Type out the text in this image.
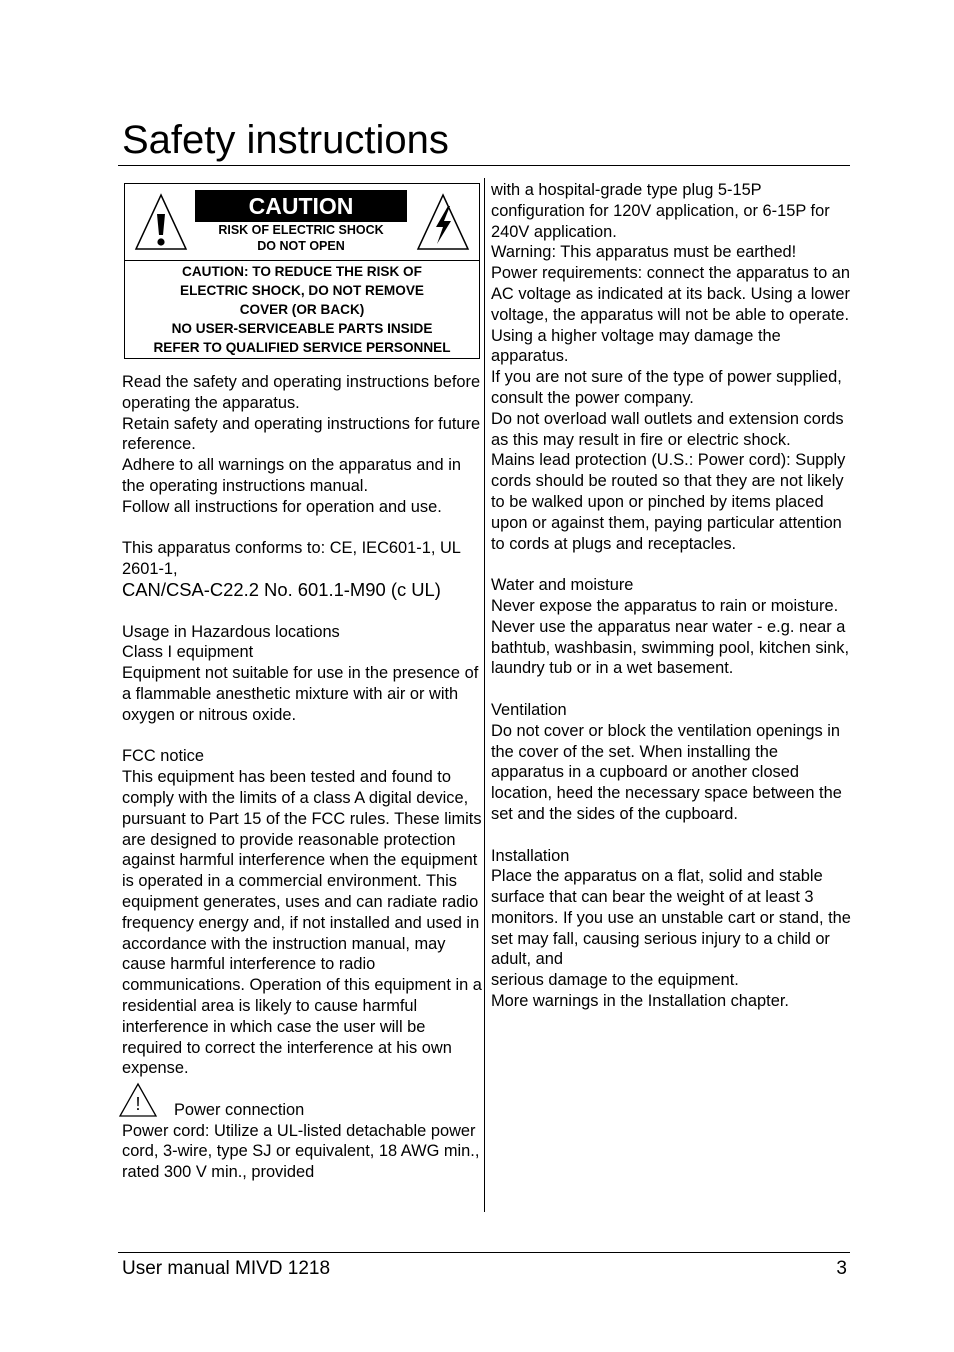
Safety instructions
CAUTION
RISK OF ELECTRIC SHOCK
DO NOT OPEN
CAUTION: TO REDUCE THE RISK OF
ELECTRIC SHOCK, DO NOT REMOVE
COVER (OR BACK)
NO USER-SERVICEABLE PARTS INSIDE
REFER TO QUALIFIED SERVICE PERSONNEL

Read the safety and operating instructions before operating the apparatus.

Retain safety and operating instructions for future reference.

Adhere to all warnings on the apparatus and in the operating instructions manual.

Follow all instructions for operation and use.

This apparatus conforms to: CE, IEC601-1, UL 2601-1,

CAN/CSA-C22.2 No. 601.1-M90 (c UL)

Usage in Hazardous locations

Class I equipment

Equipment not suitable for use in the presence of a flammable anesthetic mixture with air or with oxygen or nitrous oxide.

FCC notice

This equipment has been tested and found to comply with the limits of a class A digital device, pursuant to Part 15 of the FCC rules. These limits are designed to provide reasonable protection against harmful interference when the equipment is operated in a commercial environment. This equipment generates, uses and can radiate radio frequency energy and, if not installed and used in accordance with the instruction manual, may cause harmful interference to radio communications. Operation of this equipment in a residential area is likely to cause harmful interference in which case the user will be required to correct the interference at his own expense.

! Power connection

Power cord: Utilize a UL-listed detachable power cord, 3-wire, type SJ or equivalent, 18 AWG min., rated 300 V min., provided

with a hospital-grade type plug 5-15P configuration for 120V application, or 6-15P for 240V application.

Warning: This apparatus must be earthed!

Power requirements: connect the apparatus to an AC voltage as indicated at its back. Using a lower voltage, the apparatus will not be able to operate. Using a higher voltage may damage the apparatus.

If you are not sure of the type of power supplied, consult the power company.

Do not overload wall outlets and extension cords as this may result in fire or electric shock.

Mains lead protection (U.S.: Power cord): Supply cords should be routed so that they are not likely to be walked upon or pinched by items placed upon or against them, paying particular attention to cords at plugs and receptacles.

Water and moisture

Never expose the apparatus to rain or moisture.

Never use the apparatus near water - e.g. near a bathtub, washbasin, swimming pool, kitchen sink, laundry tub or in a wet basement.

Ventilation

Do not cover or block the ventilation openings in the cover of the set. When installing the apparatus in a cupboard or another closed location, heed the necessary space between the set and the sides of the cupboard.

Installation

Place the apparatus on a flat, solid and stable surface that can bear the weight of at least 3 monitors. If you use an unstable cart or stand, the set may fall, causing serious injury to a child or adult, and

serious damage to the equipment.

More warnings in the Installation chapter.

User manual MIVD 1218	3
